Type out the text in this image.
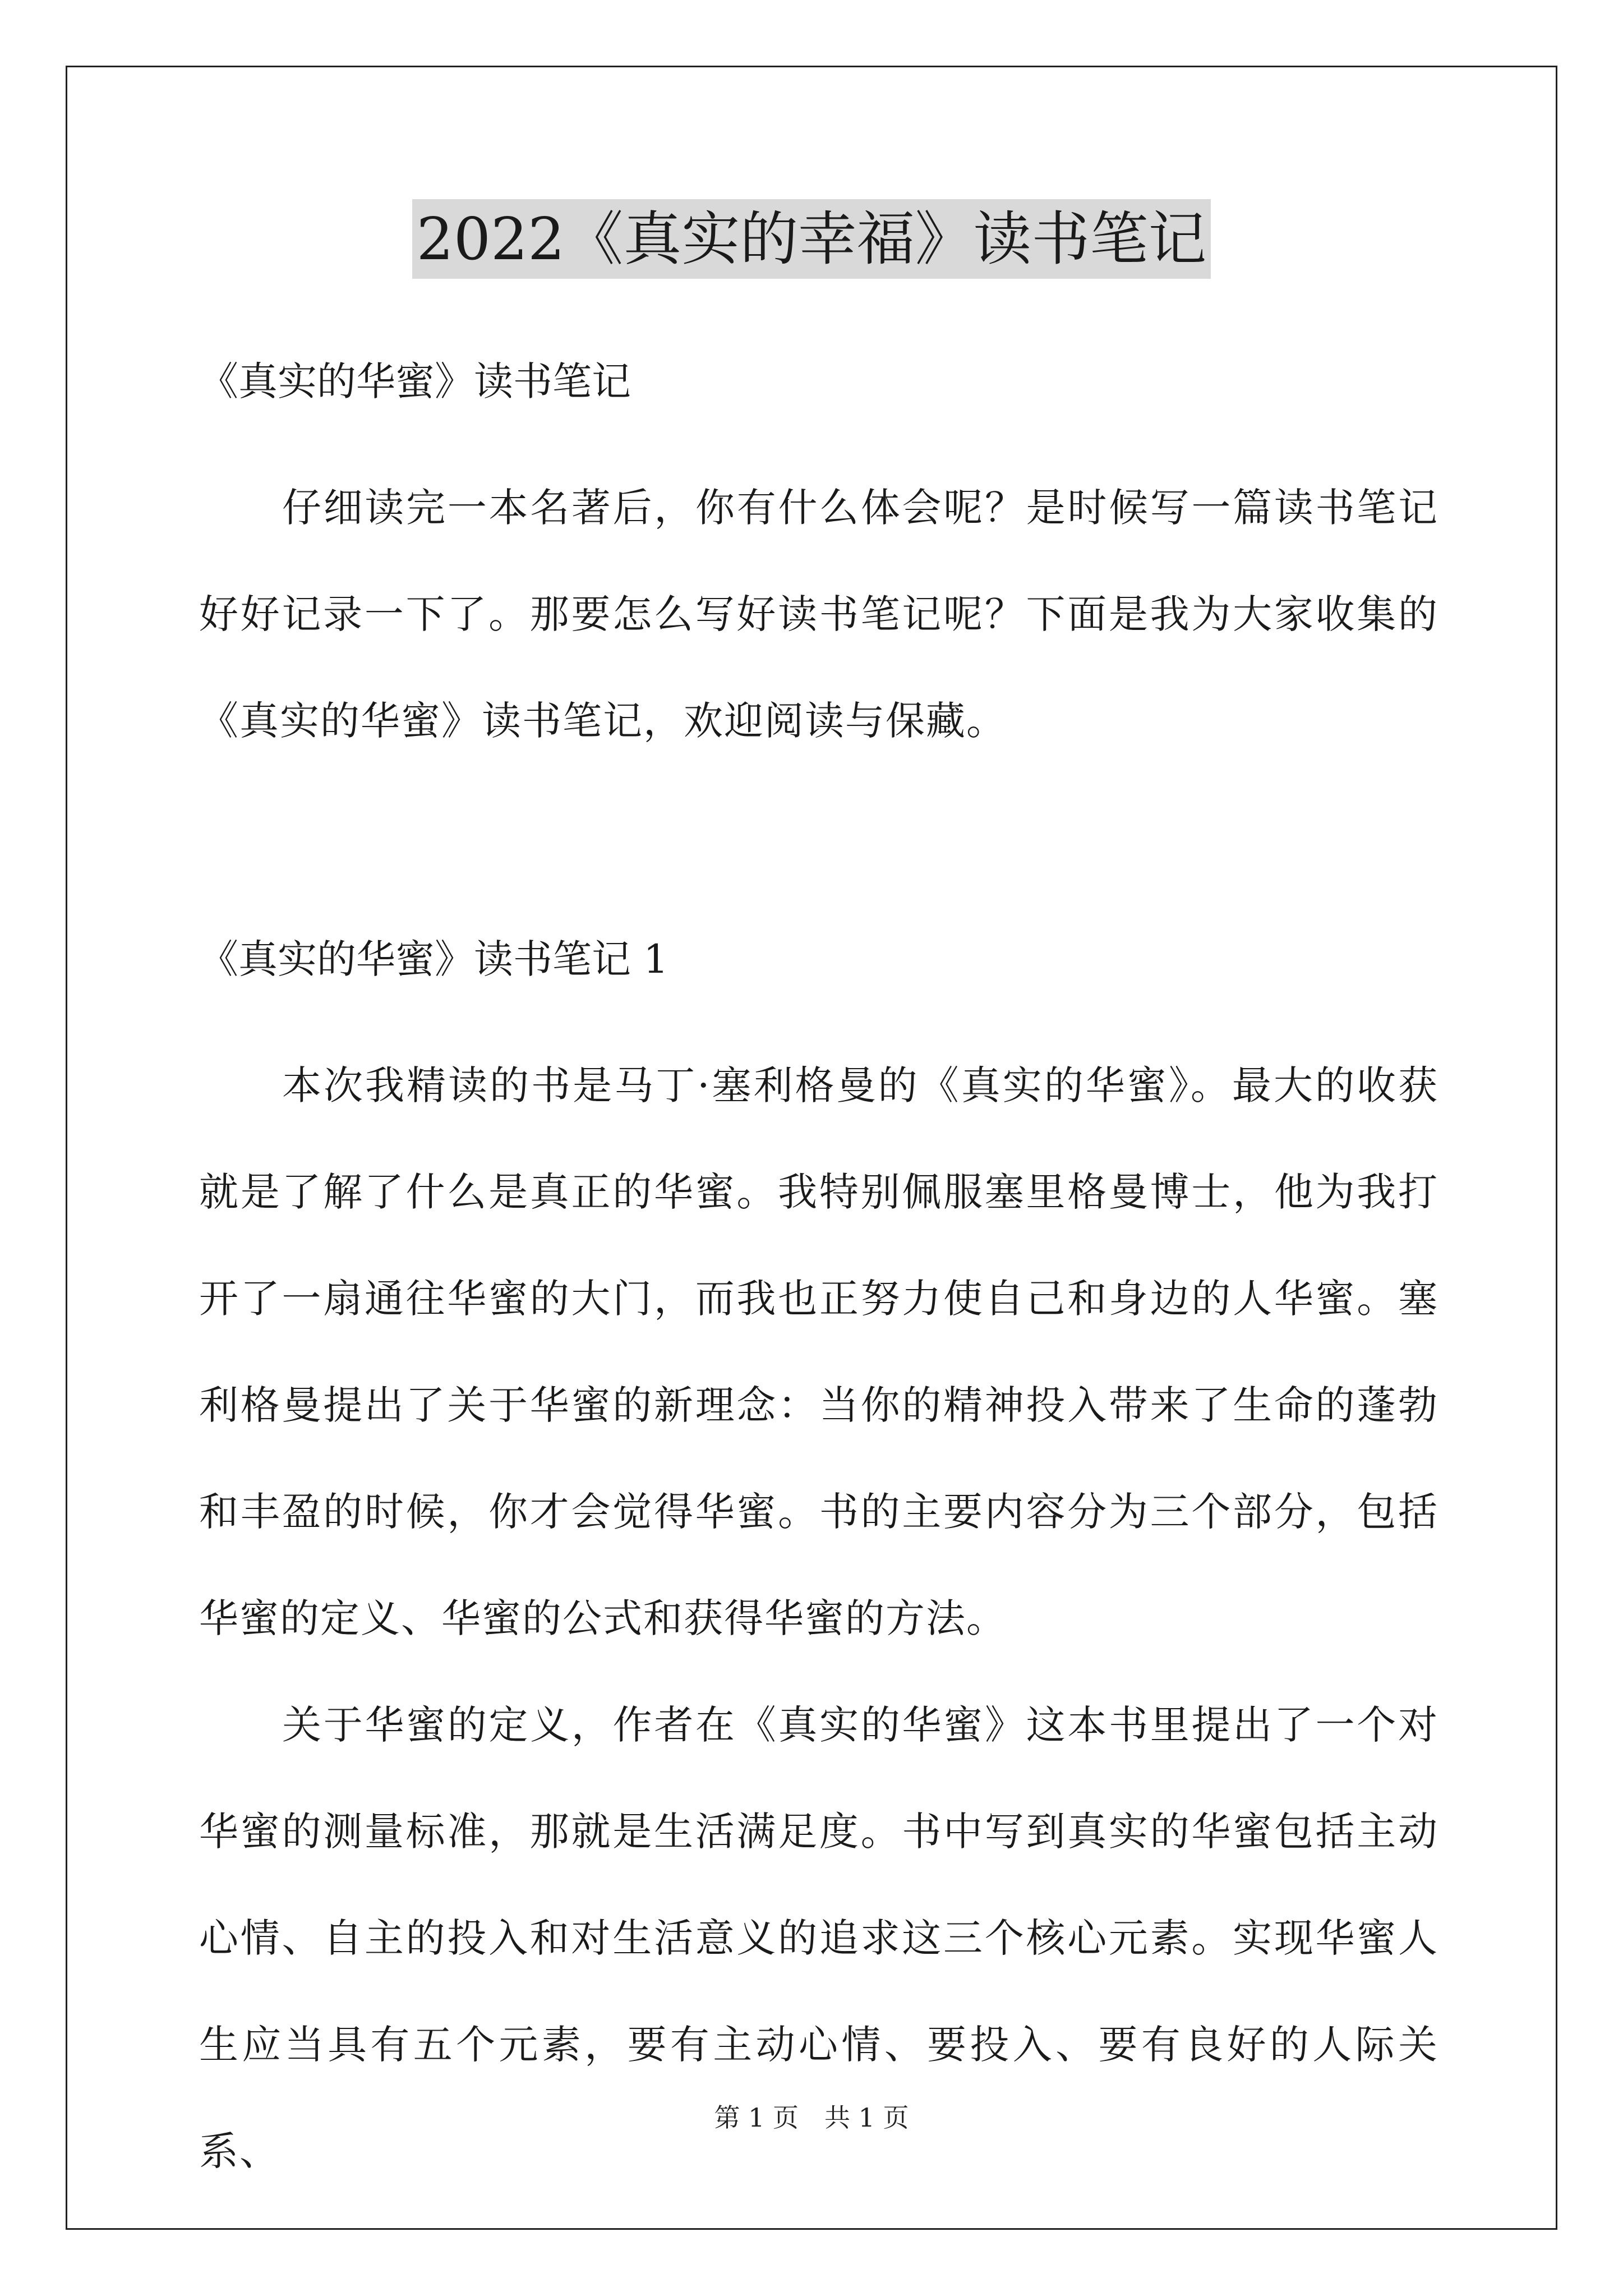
2022《真实的幸福》读书笔记

《真实的华蜜》读书笔记

仔细读完一本名著后，你有什么体会呢？是时候写一篇读书笔记好好记录一下了。那要怎么写好读书笔记呢？下面是我为大家收集的《真实的华蜜》读书笔记，欢迎阅读与保藏。

《真实的华蜜》读书笔记 1

本次我精读的书是马丁·塞利格曼的《真实的华蜜》。最大的收获就是了解了什么是真正的华蜜。我特别佩服塞里格曼博士，他为我打开了一扇通往华蜜的大门，而我也正努力使自己和身边的人华蜜。塞利格曼提出了关于华蜜的新理念：当你的精神投入带来了生命的蓬勃和丰盈的时候，你才会觉得华蜜。书的主要内容分为三个部分，包括华蜜的定义、华蜜的公式和获得华蜜的方法。

关于华蜜的定义，作者在《真实的华蜜》这本书里提出了一个对华蜜的测量标准，那就是生活满足度。书中写到真实的华蜜包括主动心情、自主的投入和对生活意义的追求这三个核心元素。实现华蜜人生应当具有五个元素，要有主动心情、要投入、要有良好的人际关系、

第 1 页　共 1 页
